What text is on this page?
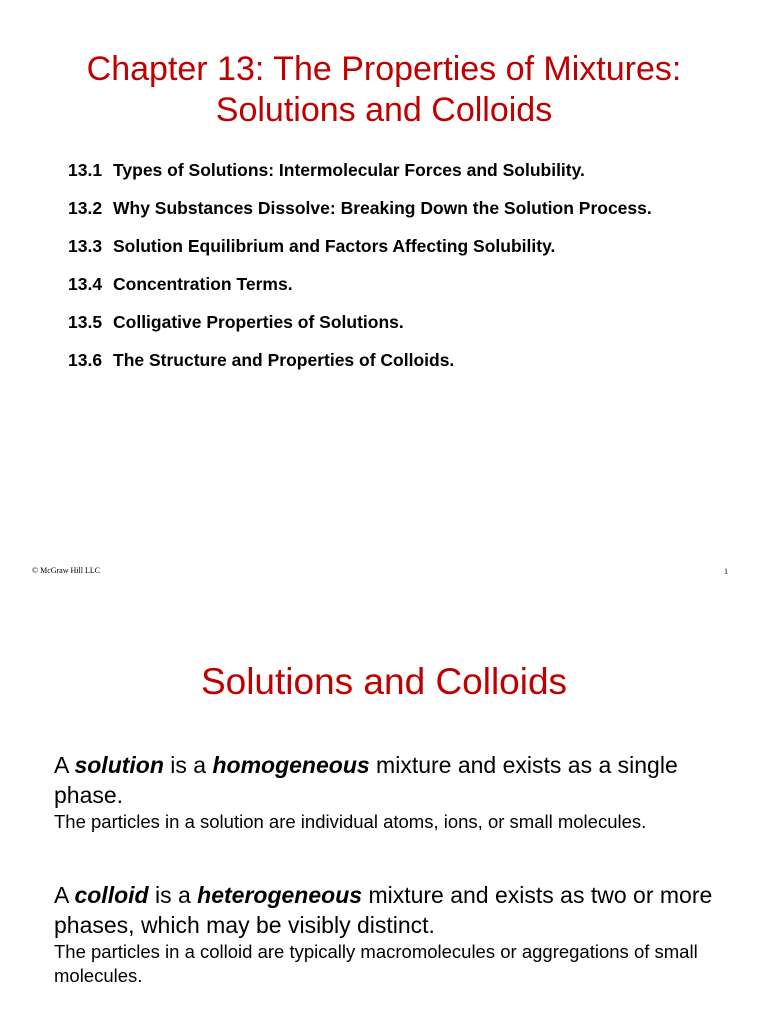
Chapter 13: The Properties of Mixtures:
Solutions and Colloids
13.1 Types of Solutions: Intermolecular Forces and Solubility.
13.2 Why Substances Dissolve: Breaking Down the Solution Process.
13.3 Solution Equilibrium and Factors Affecting Solubility.
13.4 Concentration Terms.
13.5 Colligative Properties of Solutions.
13.6 The Structure and Properties of Colloids.
© McGraw Hill LLC	1
Solutions and Colloids

A solution is a homogeneous mixture and exists as a single phase.

The particles in a solution are individual atoms, ions, or small molecules.

A colloid is a heterogeneous mixture and exists as two or more phases, which may be visibly distinct.

The particles in a colloid are typically macromolecules or aggregations of small molecules.
